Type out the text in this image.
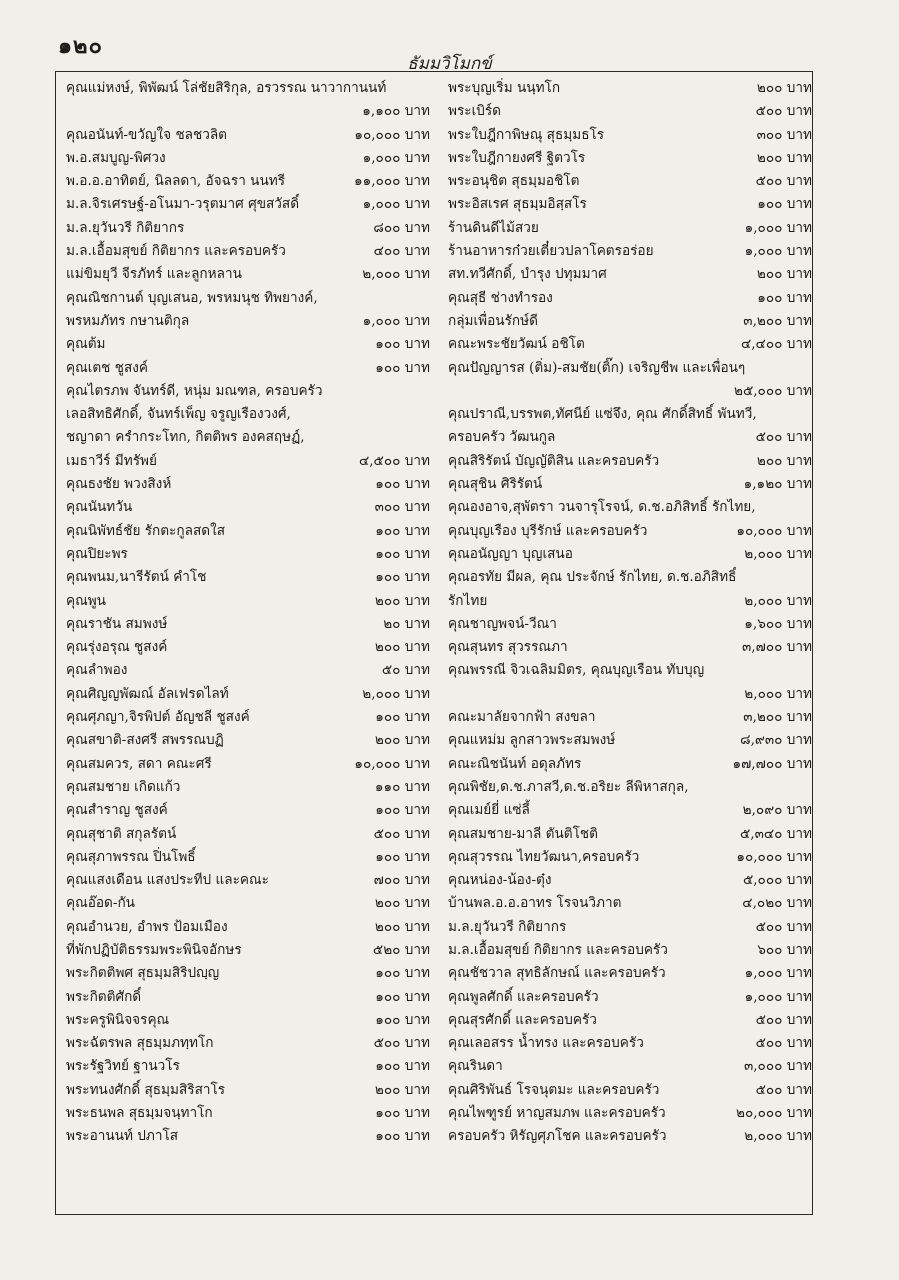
๑๒๐
ธัมมวิโมกข์
คุณแม่หงษ์, พิพัฒน์ โล่ชัยสิริกุล, อรวรรณ นาวากานนท์
๑,๑๐๐ บาท
คุณอนันท์-ขวัญใจ ชลชวลิต	๑๐,๐๐๐ บาท
พ.อ.สมบูญ-พิศวง	๑,๐๐๐ บาท
พ.อ.อ.อาทิตย์, นิลลดา, อัจฉรา นนทรี	๑๑,๐๐๐ บาท
ม.ล.จิรเศรษฐ์-อโนมา-วรุตมาศ ศุขสวัสดิ์	๑,๐๐๐ บาท
ม.ล.ยุวันวรี กิติยากร	๘๐๐ บาท
ม.ล.เอื้อมสุขย์ กิติยากร และครอบครัว	๔๐๐ บาท
แม่ขิมยุวี จีรภัทร์ และลูกหลาน	๒,๐๐๐ บาท
คุณณิชกานต์ บุญเสนอ, พรหมนุช ทิพยางค์,
พรหมภัทร กษานติกุล	๑,๐๐๐ บาท
คุณต้ม	๑๐๐ บาท
คุณเตช ชูสงค์	๑๐๐ บาท
คุณไตรภพ จันทร์ดี, หนุ่ม มณฑล, ครอบครัว
เลอสิทธิศักดิ์, จันทร์เพ็ญ จรูญเรืองวงศ์,
ชญาดา ครำกระโทก, กิตติพร องคสฤษฏ์,
เมธาวีร์ มีทรัพย์	๔,๕๐๐ บาท
คุณธงชัย พวงสิงห์	๑๐๐ บาท
คุณนันทวัน	๓๐๐ บาท
คุณนิพัทธ์ชัย รักตะกูลสดใส	๑๐๐ บาท
คุณปิยะพร	๑๐๐ บาท
คุณพนม,นารีรัตน์ คำโช	๑๐๐ บาท
คุณพูน	๒๐๐ บาท
คุณราชัน สมพงษ์	๒๐ บาท
คุณรุ่งอรุณ ชูสงค์	๒๐๐ บาท
คุณลำพอง	๕๐ บาท
คุณศิญญพัฒณ์ อัลเฟรดไลท์	๒,๐๐๐ บาท
คุณศุภญา,จิรพิปต์ อัญชลี ชูสงค์	๑๐๐ บาท
คุณสขาติ-สงศรี สพรรณบฏิ	๒๐๐ บาท
คุณสมควร, สดา คณะศรี	๑๐,๐๐๐ บาท
คุณสมชาย เกิดแก้ว	๑๑๐ บาท
คุณสำราญ ชูสงค์	๑๐๐ บาท
คุณสุชาติ สกุลรัตน์	๕๐๐ บาท
คุณสุภาพรรณ ปิ่นโพธิ์	๑๐๐ บาท
คุณแสงเดือน แสงประทีป และคณะ	๗๐๐ บาท
คุณอ๊อด-กัน	๒๐๐ บาท
คุณอำนวย, อำพร ป้อมเมือง	๒๐๐ บาท
ที่พักปฏิบัติธรรมพระพินิจอักษร	๕๒๐ บาท
พระกิตติพศ สุธมฺมสิริปญฺญ	๑๐๐ บาท
พระกิตติศักดิ์	๑๐๐ บาท
พระครูพินิจจรคุณ	๑๐๐ บาท
พระฉัตรพล สุธมฺมภทฺทโก	๕๐๐ บาท
พระรัฐวิทย์ ฐานวโร	๑๐๐ บาท
พระทนงศักดิ์ สุธมฺมสิริสาโร	๒๐๐ บาท
พระธนพล สุธมฺมจนฺทาโก	๑๐๐ บาท
พระอานนท์ ปภาโส	๑๐๐ บาท
พระบุญเริ่ม นนฺทโก	๒๐๐ บาท
พระเบิร์ด	๕๐๐ บาท
พระใบฎีกาพิษณุ สุธมฺมธโร	๓๐๐ บาท
พระใบฎีกายงศรี ฐิตวโร	๒๐๐ บาท
พระอนุชิต สุธมฺมอชิโต	๕๐๐ บาท
พระอิสเรศ สุธมฺมอิสฺสโร	๑๐๐ บาท
ร้านดินดีไม้สวย	๑,๐๐๐ บาท
ร้านอาหารก๋วยเตี๋ยวปลาโคตรอร่อย	๑,๐๐๐ บาท
สท.ทวีศักดิ์, บำรุง ปทุมมาศ	๒๐๐ บาท
คุณสุธี ช่างทำรอง	๑๐๐ บาท
กลุ่มเพื่อนรักษ์ดี	๓,๒๐๐ บาท
คณะพระชัยวัฒน์ อชิโต	๔,๔๐๐ บาท
คุณปัญญารส (ติ่ม)-สมชัย(ติ๊ก) เจริญชีพ และเพื่อนๆ
๒๕,๐๐๐ บาท
คุณปราณี,บรรพต,ทัศนีย์ แซ่จึง, คุณ ศักดิ์สิทธิ์ พันทวี,
ครอบครัว วัฒนกูล	๕๐๐ บาท
คุณสิริรัตน์ บัญญัติสิน และครอบครัว	๒๐๐ บาท
คุณสุชิน ศิริรัตน์	๑,๑๒๐ บาท
คุณองอาจ,สุพัตรา วนจารุโรจน์, ด.ช.อภิสิทธิ์ รักไทย,
คุณบุญเรือง บุรีรักษ์ และครอบครัว	๑๐,๐๐๐ บาท
คุณอนัญญา บุญเสนอ	๒,๐๐๐ บาท
คุณอรทัย มีผล, คุณ ประจักษ์ รักไทย, ด.ช.อภิสิทธิ์
รักไทย	๒,๐๐๐ บาท
คุณชาญพจน์-วีณา	๑,๖๐๐ บาท
คุณสุนทร สุวรรณภา	๓,๗๐๐ บาท
คุณพรรณี จิวเฉลิมมิตร, คุณบุญเรือน ทับบุญ
๒,๐๐๐ บาท
คณะมาลัยจากฟ้า สงขลา	๓,๒๐๐ บาท
คุณแหม่ม ลูกสาวพระสมพงษ์	๘,๙๓๐ บาท
คณะณิชนันท์ อดุลภัทร	๑๗,๗๐๐ บาท
คุณพิชัย,ด.ช.ภาสวี,ด.ช.อริยะ ลีพิหาสกุล,
คุณเมย์ยี่ แซ่ลี้	๒,๐๙๐ บาท
คุณสมชาย-มาลี ตันติโชติ	๕,๓๔๐ บาท
คุณสุวรรณ ไทยวัฒนา,ครอบครัว	๑๐,๐๐๐ บาท
คุณหน่อง-น้อง-ตุ๋ง	๕,๐๐๐ บาท
บ้านพล.อ.อ.อาทร โรจนวิภาต	๔,๐๒๐ บาท
ม.ล.ยุวันวรี กิติยากร	๕๐๐ บาท
ม.ล.เอื้อมสุขย์ กิติยากร และครอบครัว	๖๐๐ บาท
คุณชัชวาล สุทธิลักษณ์ และครอบครัว	๑,๐๐๐ บาท
คุณพูลศักดิ์ และครอบครัว	๑,๐๐๐ บาท
คุณสุรศักดิ์ และครอบครัว	๕๐๐ บาท
คุณเลอสรร น้ำทรง และครอบครัว	๕๐๐ บาท
คุณรินดา	๓,๐๐๐ บาท
คุณศิริพันธ์ โรจนุตมะ และครอบครัว	๕๐๐ บาท
คุณไพฑูรย์ หาญสมภพ และครอบครัว	๒๐,๐๐๐ บาท
ครอบครัว หิรัญศุภโชค และครอบครัว	๒,๐๐๐ บาท
